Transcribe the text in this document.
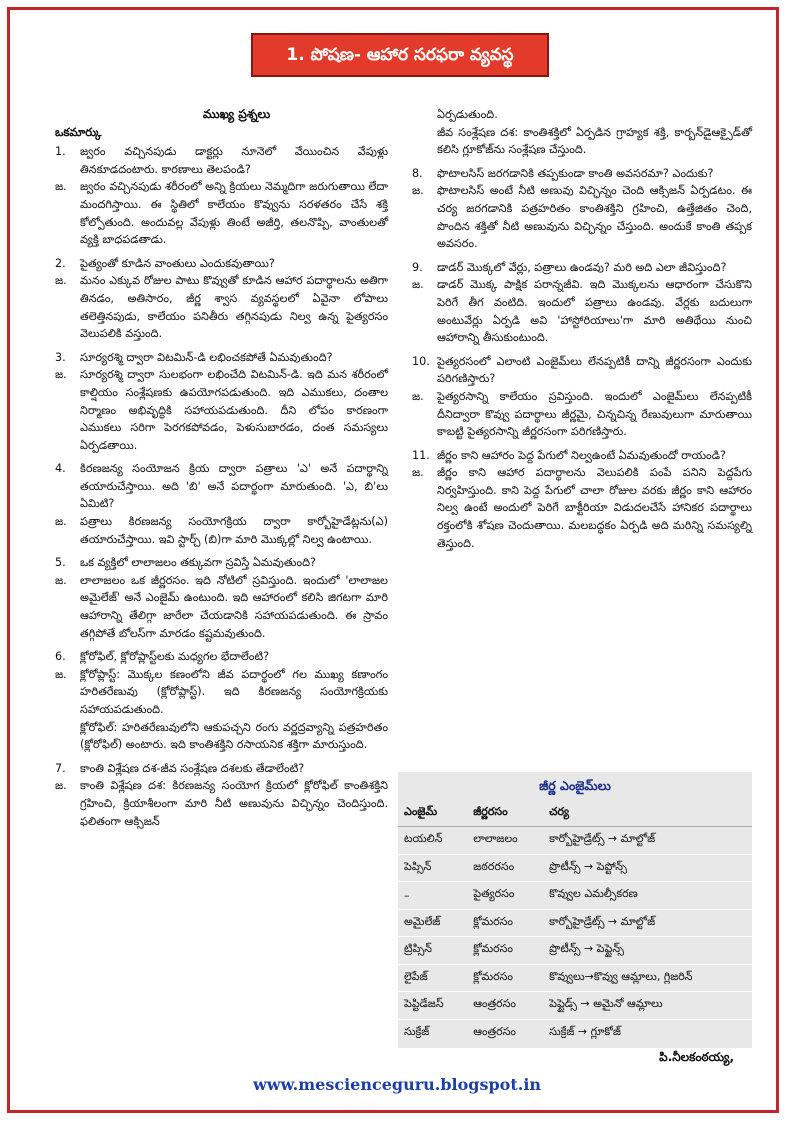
1. పోషణ- ఆహార సరఫరా వ్యవస్థ
ముఖ్య ప్రశ్నలు
ఒకమార్కు
1.	జ్వరం వచ్చినపుడు డాక్టర్లు నూనెలో వేయించిన వేపుళ్లు తినకూడదంటారు. కారణాలు తెలపండి?
జ.	జ్వరం వచ్చినపుడు శరీరంలో అన్ని క్రియలు నెమ్మదిగా జరుగుతాయి లేదా మందగిస్తాయి. ఈ స్థితిలో కాలేయం కొవ్వును సరళతరం చేసే శక్తి కోల్పోతుంది. అందువల్ల వేపుళ్లు తింటే అజీర్తి, తలనొప్పి, వాంతులతో వ్యక్తి బాధపడతాడు.
2.	పైత్యంతో కూడిన వాంతులు ఎందుకవుతాయి?
జ.	మనం ఎక్కువ రోజుల పాటు కొవ్వుతో కూడిన ఆహార పదార్థాలను అతిగా తినడం, అతిసారం, జీర్ణ శ్వాస వ్యవస్థలలో ఏవైనా లోపాలు తలెత్తినపుడు, కాలేయం పనితీరు తగ్గినపుడు నిల్వ ఉన్న పైత్యరసం వెలుపలికి వస్తుంది.
3.	సూర్యరశ్మి ద్వారా విటమిన్-డి లభించకపోతే ఏమవుతుంది?
జ.	సూర్యరశ్మి ద్వారా సులభంగా లభించేది విటమిన్-డి. ఇది మన శరీరంలో కాల్షియం సంశ్లేషణకు ఉపయోగపడుతుంది. ఇది ఎముకలు, దంతాల నిర్మాణం అభివృద్ధికి సహాయపడుతుంది. దీని లోపం కారణంగా ఎముకలు సరిగా పెరగకపోవడం, పెళుసుబారడం, దంత సమస్యలు ఏర్పడతాయి.
4.	కిరణజన్య సంయోజన క్రియ ద్వారా పత్రాలు 'ఎ' అనే పదార్థాన్ని తయారుచేస్తాయి. అది 'బి' అనే పదార్థంగా మారుతుంది. 'ఎ, బి'లు ఏమిటి?
జ.	పత్రాలు కిరణజన్య సంయోగక్రియ ద్వారా కార్బోహైడేట్లను(ఎ) తయారుచేస్తాయి. ఇవి స్టార్చ్ (బి)గా మారి మొక్కల్లో నిల్వ ఉంటాయి.
5.	ఒక వ్యక్తిలో లాలాజలం తక్కువగా స్రవిస్తే ఏమవుతుంది?
జ.	లాలాజలం ఒక జీర్ణరసం. ఇది నోటిలో స్రవిస్తుంది. ఇందులో 'లాలాజల అమైలేజ్' అనే ఎంజైమ్ ఉంటుంది. ఇది ఆహారంలో కలిసి జిగటగా మారి ఆహారాన్ని తేలిగ్గా జారేలా చేయడానికి సహాయపడుతుంది. ఈ స్రావం తగ్గిపోతే బోలస్‌గా మారడం కష్టమవుతుంది.
6.	క్లోరోఫిల్, క్లోరోప్లాస్ట్‌లకు మధ్యగల భేదాలేంటి?
జ.	క్లోరోప్లాస్ట్: మొక్కల కణంలోని జీవ పదార్థంలో గల ముఖ్య కణాంగం హరితరేణువు (క్లోరోప్లాస్ట్). ఇది కిరణజన్య సంయోగక్రియకు సహాయపడుతుంది.
క్లోరోఫిల్: హరితరేణువులోని ఆకుపచ్చని రంగు వర్ణద్రవ్యాన్ని పత్రహరితం (క్లోరోఫిల్) అంటారు. ఇది కాంతిశక్తిని రసాయనిక శక్తిగా మారుస్తుంది.
7.	కాంతి విశ్లేషణ దశ-జీవ సంశ్లేషణ దశలకు తేడాలేంటి?
జ.	కాంతి విశ్లేషణ దశ: కిరణజన్య సంయోగ క్రియలో క్లోరోఫిల్ కాంతిశక్తిని గ్రహించి, క్రియాశీలంగా మారి నీటి అణువును విచ్ఛిన్నం చెందిస్తుంది. ఫలితంగా ఆక్సిజన్
ఏర్పడుతుంది.
జీవ సంశ్లేషణ దశ: కాంతిశక్తిలో ఏర్పడిన గ్రాహ్యక శక్తి, కార్బన్‌డైఆక్సైడ్‌తో కలిసి గ్లూకోజ్‌ను సంశ్లేషణ చేస్తుంది.
8.	ఫొటాలసిస్ జరగడానికి తప్పకుండా కాంతి అవసరమా? ఎందుకు?
జ.	ఫొటాలసిస్ అంటే నీటి అణువు విచ్ఛిన్నం చెంది ఆక్సిజన్ ఏర్పడటం. ఈ చర్య జరగడానికి పత్రహరితం కాంతిశక్తిని గ్రహించి, ఉత్తేజితం చెంది, పొందిన శక్తితో నీటి అణువును విచ్ఛిన్నం చేస్తుంది. అందుకే కాంతి తప్పక అవసరం.
9.	డాడర్ మొక్కలో వేర్లు, పత్రాలు ఉండవు? మరి అది ఎలా జీవిస్తుంది?
జ.	డాడర్ మొక్క పాక్షిక పరాన్నజీవి. ఇది మొక్కలను ఆధారంగా చేసుకొని పెరిగే తీగ వంటిది. ఇందులో పత్రాలు ఉండవు. వేర్లకు బదులుగా అంటువేర్లు ఏర్పడి అవి 'హాస్టోరియాలు'గా మారి అతిథేయి నుంచి ఆహారాన్ని తీసుకుంటుంది.
10. పైత్యరసంలో ఎలాంటి ఎంజైమ్‌లు లేనప్పటికీ దాన్ని జీర్ణరసంగా ఎందుకు పరిగణిస్తారు?
జ.	పైత్యరసాన్ని కాలేయం స్రవిస్తుంది. ఇందులో ఎంజైమ్‌లు లేనప్పటికీ దీనిద్వారా కొవ్వు పదార్థాలు జీర్ణమై, చిన్నచిన్న రేణువులుగా మారుతాయి కాబట్టి పైత్యరసాన్ని జీర్ణరసంగా పరిగణిస్తారు.
11. జీర్ణం కాని ఆహారం పెద్ద పేగులో నిల్వఉంటే ఏమవుతుందో రాయండి?
జ.	జీర్ణం కాని ఆహార పదార్థాలను వెలుపలికి పంపే పనిని పెద్దపేగు నిర్వహిస్తుంది. కాని పెద్ద పేగులో చాలా రోజుల వరకు జీర్ణం కాని ఆహారం నిల్వ ఉంటే అందులో పెరిగే బాక్టీరియా విడుదలచేసే హానికర పదార్థాలు రక్తంలోకి శోషణ చెందుతాయి. మలబద్ధకం ఏర్పడి అది మరిన్ని సమస్యల్ని తెస్తుంది.
జీర్ణ ఎంజైమ్‌లు
ఎంజైమ్	జీర్ణరసం	చర్య
టయలిన్	లాలాజలం	కార్బోహైడ్రేట్స్ → మాల్టోజ్
పెప్సిన్	జఠరరసం	ప్రొటీన్స్ → పెప్టోన్స్
–	పైత్యరసం	కొవ్వుల ఎమల్సీకరణ
అమైలేజ్	క్లోమరసం	కార్బోహైడ్రేట్స్ → మాల్టోజ్
ట్రిప్సిన్	క్లోమరసం	ప్రొటీన్స్ → పెప్టైన్స్
లైపేజ్	క్లోమరసం	కొవ్వులు→కొవ్వు ఆమ్లాలు, గ్లిజరిన్
పెప్టిడేజస్	ఆంత్రరసం	పెప్టైడ్స్ → అమైనో ఆమ్లాలు
సుక్రేజ్	ఆంత్రరసం	సుక్రేజ్ → గ్లూకోజ్
పి.నీలకంఠయ్య,
www.mescienceguru.blogspot.in
